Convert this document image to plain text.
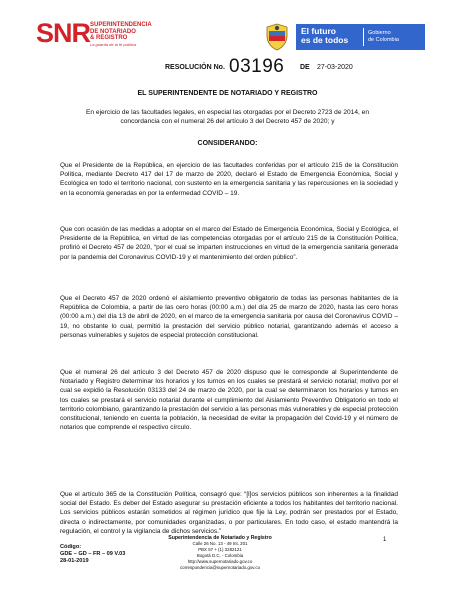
SNR SUPERINTENDENCIA
DE NOTARIADO
& REGISTRO
La guarda de la fe pública
El futuro
es de todos
Gobierno
de Colombia
RESOLUCIÓN No. 03196 DE 27-03-2020
EL SUPERINTENDENTE DE NOTARIADO Y REGISTRO
En ejercicio de las facultades legales, en especial las otorgadas por el Decreto 2723 de 2014, en concordancia con el numeral 26 del artículo 3 del Decreto 457 de 2020; y
CONSIDERANDO:
Que el Presidente de la República, en ejercicio de las facultades conferidas por el artículo 215 de la Constitución Política, mediante Decreto 417 del 17 de marzo de 2020, declaró el Estado de Emergencia Económica, Social y Ecológica en todo el territorio nacional, con sustento en la emergencia sanitaria y las repercusiones en la sociedad y en la economía generadas en por la enfermedad COVID – 19.
Que con ocasión de las medidas a adoptar en el marco del Estado de Emergencia Económica, Social y Ecológica, el Presidente de la República, en virtud de las competencias otorgadas por el artículo 215 de la Constitución Política, profirió el Decreto 457 de 2020, “por el cual se imparten instrucciones en virtud de la emergencia sanitaria generada por la pandemia del Coronavirus COVID-19 y el mantenimiento del orden público”.
Que el Decreto 457 de 2020 ordenó el aislamiento preventivo obligatorio de todas las personas habitantes de la República de Colombia, a partir de las cero horas (00:00 a.m.) del día 25 de marzo de 2020, hasta las cero horas (00:00 a.m.) del día 13 de abril de 2020, en el marco de la emergencia sanitaria por causa del Coronavirus COVID – 19, no obstante lo cual, permitió la prestación del servicio público notarial, garantizando además el acceso a personas vulnerables y sujetos de especial protección constitucional.
Que el numeral 26 del artículo 3 del Decreto 457 de 2020 dispuso que le corresponde al Superintendente de Notariado y Registro determinar los horarios y los turnos en los cuales se prestará el servicio notarial; motivo por el cual se expidió la Resolución 03133 del 24 de marzo de 2020, por la cual se determinaron los horarios y turnos en los cuales se prestará el servicio notarial durante el cumplimiento del Aislamiento Preventivo Obligatorio en todo el territorio colombiano, garantizando la prestación del servicio a las personas más vulnerables y de especial protección constitucional, teniendo en cuenta la población, la necesidad de evitar la propagación del Covid-19 y el número de notarios que comprende el respectivo círculo.
Que el artículo 365 de la Constitución Política, consagró que: “[l]os servicios públicos son inherentes a la finalidad social del Estado. Es deber del Estado asegurar su prestación eficiente a todos los habitantes del territorio nacional. Los servicios públicos estarán sometidos al régimen jurídico que fije la Ley, podrán ser prestados por el Estado, directa o indirectamente, por comunidades organizadas, o por particulares. En todo caso, el estado mantendrá la regulación, el control y la vigilancia de dichos servicios.”
Código:
GDE – GD – FR – 09 V.03
28-01-2019
Superintendencia de Notariado y Registro
Calle 26 No. 13 - 49 Int. 201
PBX 57 + (1) 3282121
Bogotá D.C. - Colombia
http://www.supernotariado.gov.co
correspondencia@supernotariado.gov.co
1
